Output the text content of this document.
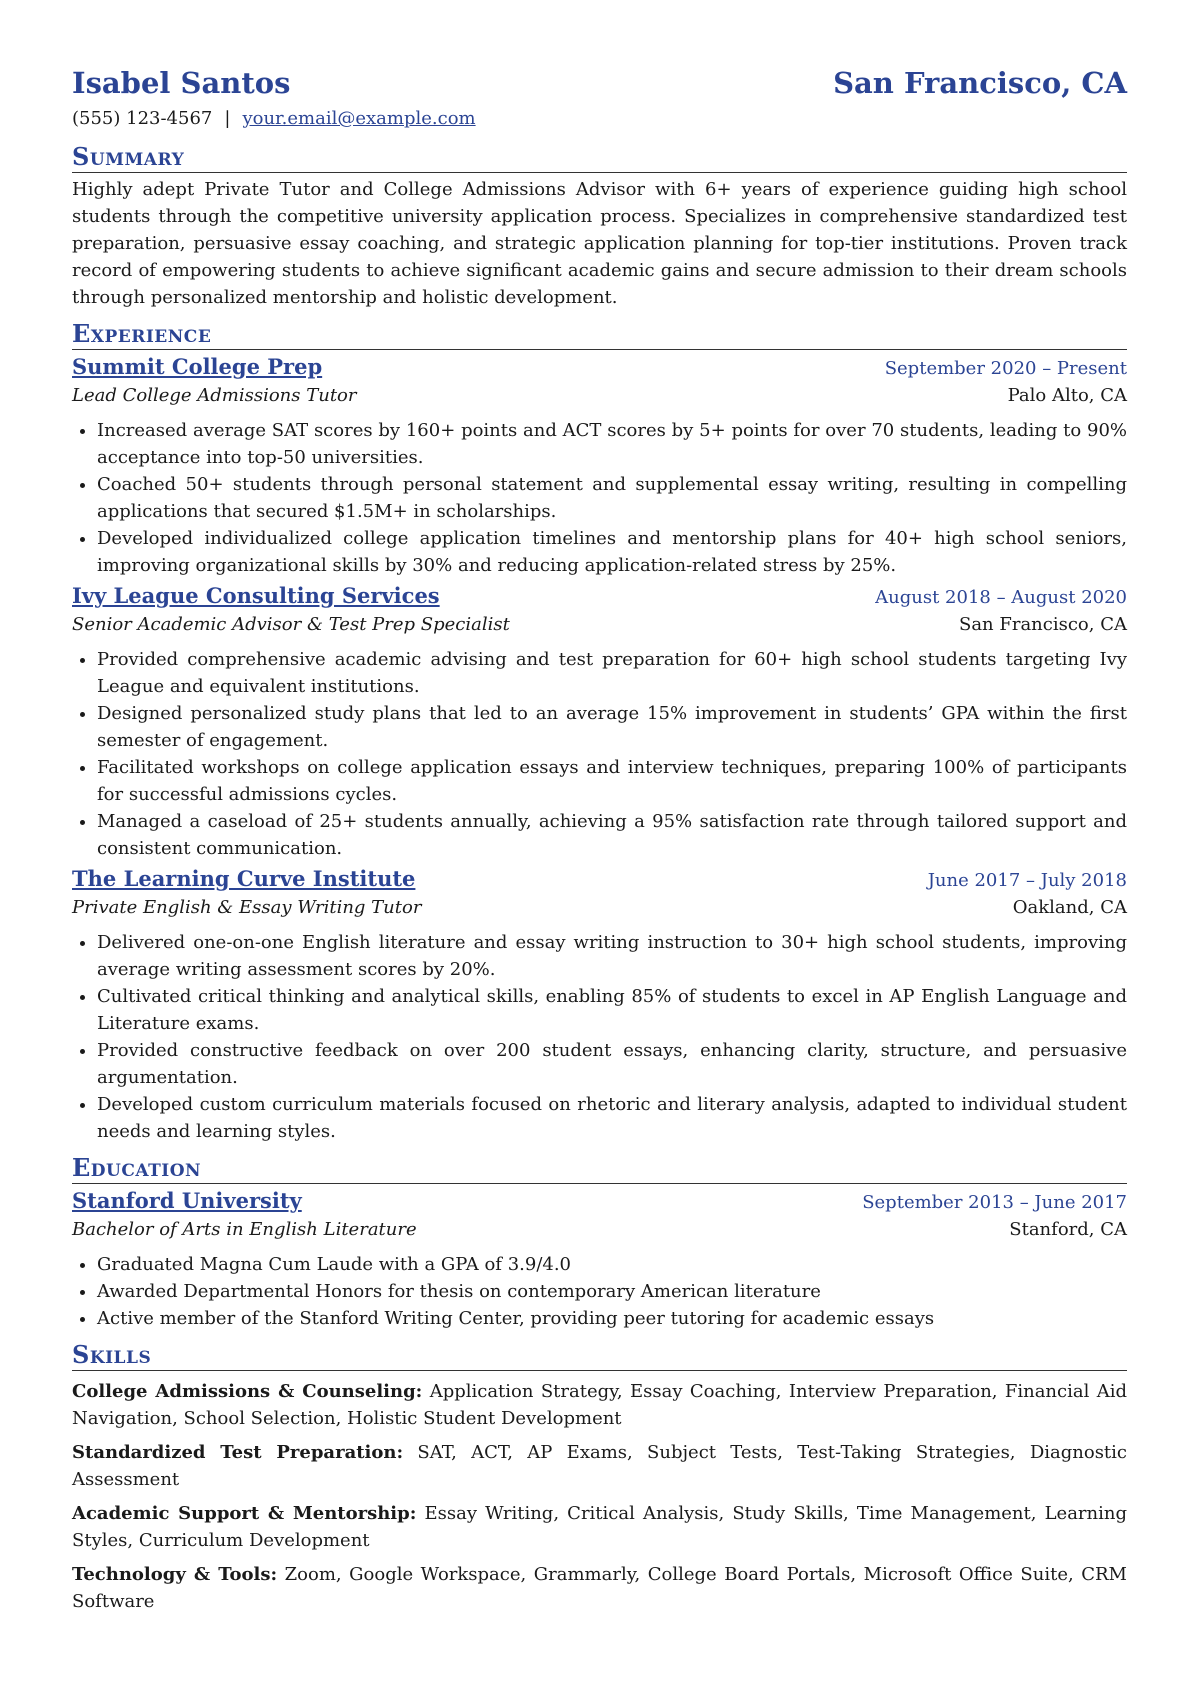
Isabel Santos	San Francisco, CA
(555) 123-4567 | your.email@example.com
Summary
Highly adept Private Tutor and College Admissions Advisor with 6+ years of experience guiding high school students through the competitive university application process. Specializes in comprehensive standardized test preparation, persuasive essay coaching, and strategic application planning for top-tier institutions. Proven track record of empowering students to achieve significant academic gains and secure admission to their dream schools through personalized mentorship and holistic development.
Experience
Summit College Prep	September 2020 – Present
Lead College Admissions Tutor	Palo Alto, CA
• Increased average SAT scores by 160+ points and ACT scores by 5+ points for over 70 students, leading to 90% acceptance into top-50 universities.
• Coached 50+ students through personal statement and supplemental essay writing, resulting in compelling applications that secured $1.5M+ in scholarships.
• Developed individualized college application timelines and mentorship plans for 40+ high school seniors, improving organizational skills by 30% and reducing application-related stress by 25%.
Ivy League Consulting Services	August 2018 – August 2020
Senior Academic Advisor & Test Prep Specialist	San Francisco, CA
• Provided comprehensive academic advising and test preparation for 60+ high school students targeting Ivy League and equivalent institutions.
• Designed personalized study plans that led to an average 15% improvement in students’ GPA within the first semester of engagement.
• Facilitated workshops on college application essays and interview techniques, preparing 100% of participants for successful admissions cycles.
• Managed a caseload of 25+ students annually, achieving a 95% satisfaction rate through tailored support and consistent communication.
The Learning Curve Institute	June 2017 – July 2018
Private English & Essay Writing Tutor	Oakland, CA
• Delivered one-on-one English literature and essay writing instruction to 30+ high school students, improving average writing assessment scores by 20%.
• Cultivated critical thinking and analytical skills, enabling 85% of students to excel in AP English Language and Literature exams.
• Provided constructive feedback on over 200 student essays, enhancing clarity, structure, and persuasive argumentation.
• Developed custom curriculum materials focused on rhetoric and literary analysis, adapted to individual student needs and learning styles.
Education
Stanford University	September 2013 – June 2017
Bachelor of Arts in English Literature	Stanford, CA
• Graduated Magna Cum Laude with a GPA of 3.9/4.0
• Awarded Departmental Honors for thesis on contemporary American literature
• Active member of the Stanford Writing Center, providing peer tutoring for academic essays
Skills
College Admissions & Counseling: Application Strategy, Essay Coaching, Interview Preparation, Financial Aid Navigation, School Selection, Holistic Student Development
Standardized Test Preparation: SAT, ACT, AP Exams, Subject Tests, Test-Taking Strategies, Diagnostic Assessment
Academic Support & Mentorship: Essay Writing, Critical Analysis, Study Skills, Time Management, Learning Styles, Curriculum Development
Technology & Tools: Zoom, Google Workspace, Grammarly, College Board Portals, Microsoft Office Suite, CRM Software
